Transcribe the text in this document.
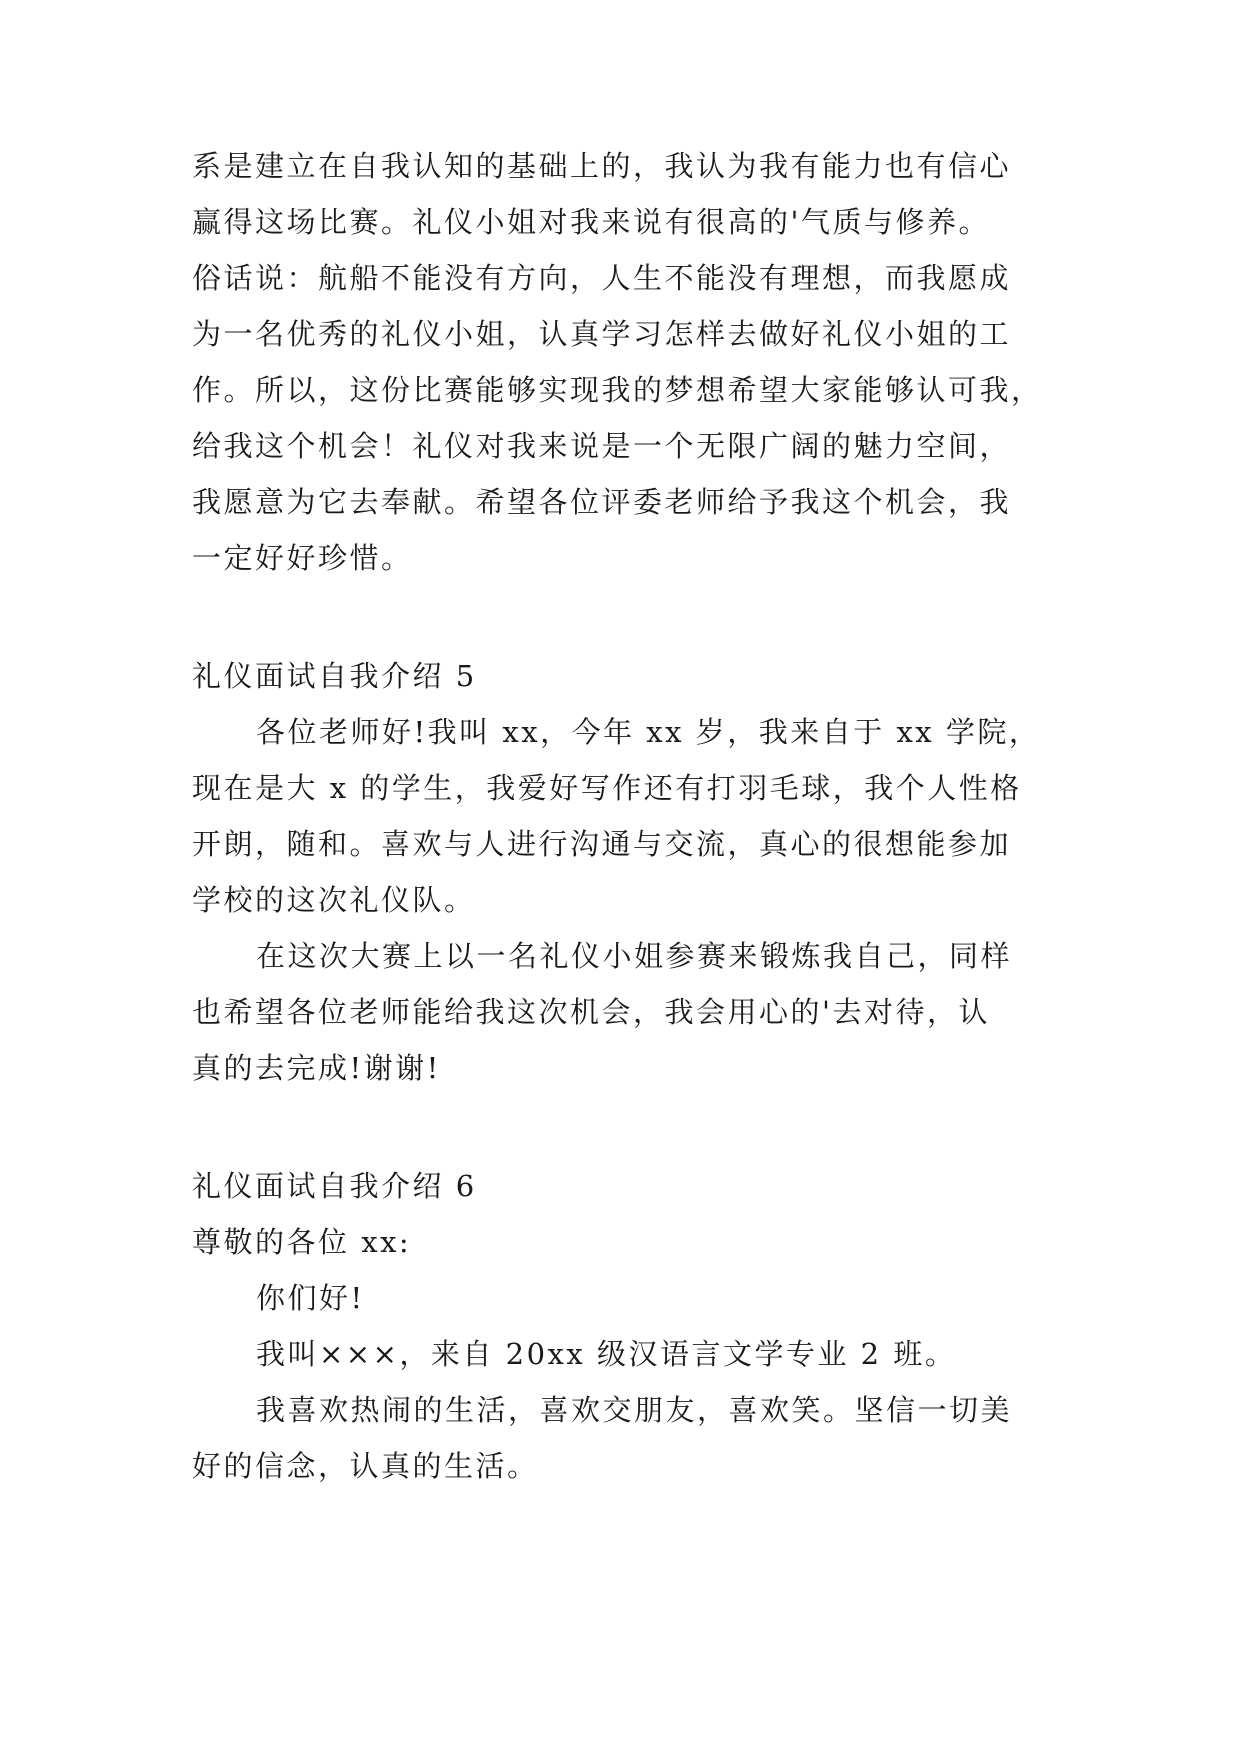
系是建立在自我认知的基础上的，我认为我有能力也有信心
赢得这场比赛。礼仪小姐对我来说有很高的'气质与修养。
俗话说：航船不能没有方向，人生不能没有理想，而我愿成
为一名优秀的礼仪小姐，认真学习怎样去做好礼仪小姐的工
作。所以，这份比赛能够实现我的梦想希望大家能够认可我，
给我这个机会！礼仪对我来说是一个无限广阔的魅力空间，
我愿意为它去奉献。希望各位评委老师给予我这个机会，我
一定好好珍惜。
礼仪面试自我介绍 5
各位老师好!我叫 xx，今年 xx 岁，我来自于 xx 学院，
现在是大 x 的学生，我爱好写作还有打羽毛球，我个人性格
开朗，随和。喜欢与人进行沟通与交流，真心的很想能参加
学校的这次礼仪队。
在这次大赛上以一名礼仪小姐参赛来锻炼我自己，同样
也希望各位老师能给我这次机会，我会用心的'去对待，认
真的去完成!谢谢!
礼仪面试自我介绍 6
尊敬的各位 xx:
你们好!
我叫×××，来自 20xx 级汉语言文学专业 2 班。
我喜欢热闹的生活，喜欢交朋友，喜欢笑。坚信一切美
好的信念，认真的生活。
